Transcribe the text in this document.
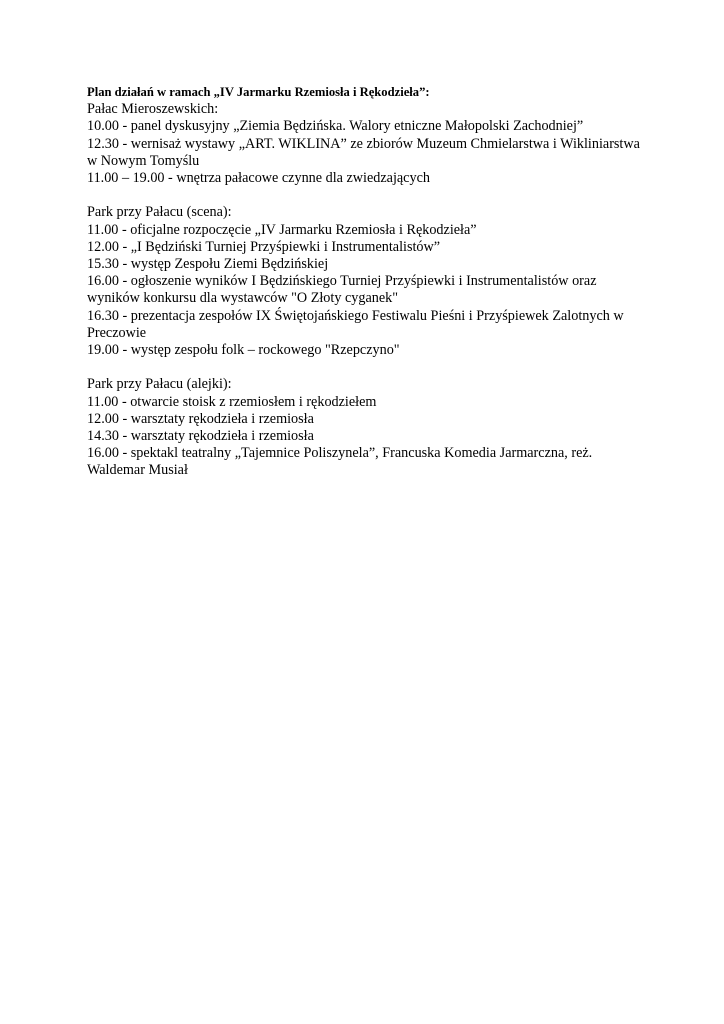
Plan działań w ramach „IV Jarmarku Rzemiosła i Rękodzieła”:
Pałac Mieroszewskich:
10.00 - panel dyskusyjny „Ziemia Będzińska. Walory etniczne Małopolski Zachodniej”
12.30 - wernisaż wystawy „ART. WIKLINA” ze zbiorów Muzeum Chmielarstwa i Wikliniarstwa w Nowym Tomyślu
11.00 – 19.00 - wnętrza pałacowe czynne dla zwiedzających
Park przy Pałacu (scena):
11.00 - oficjalne rozpoczęcie „IV Jarmarku Rzemiosła i Rękodzieła”
12.00 - „I Będziński Turniej Przyśpiewki i Instrumentalistów”
15.30 - występ Zespołu Ziemi Będzińskiej
16.00 - ogłoszenie wyników I Będzińskiego Turniej Przyśpiewki i Instrumentalistów oraz wyników konkursu dla wystawców "O Złoty cyganek"
16.30 - prezentacja zespołów IX Świętojańskiego Festiwalu Pieśni i Przyśpiewek Zalotnych w Preczowie
19.00 - występ zespołu folk – rockowego "Rzepczyno"
Park przy Pałacu (alejki):
11.00 - otwarcie stoisk z rzemiosłem i rękodziełem
12.00 - warsztaty rękodzieła i rzemiosła
14.30 - warsztaty rękodzieła i rzemiosła
16.00 - spektakl teatralny „Tajemnice Poliszynela”, Francuska Komedia Jarmarczna, reż. Waldemar Musiał
